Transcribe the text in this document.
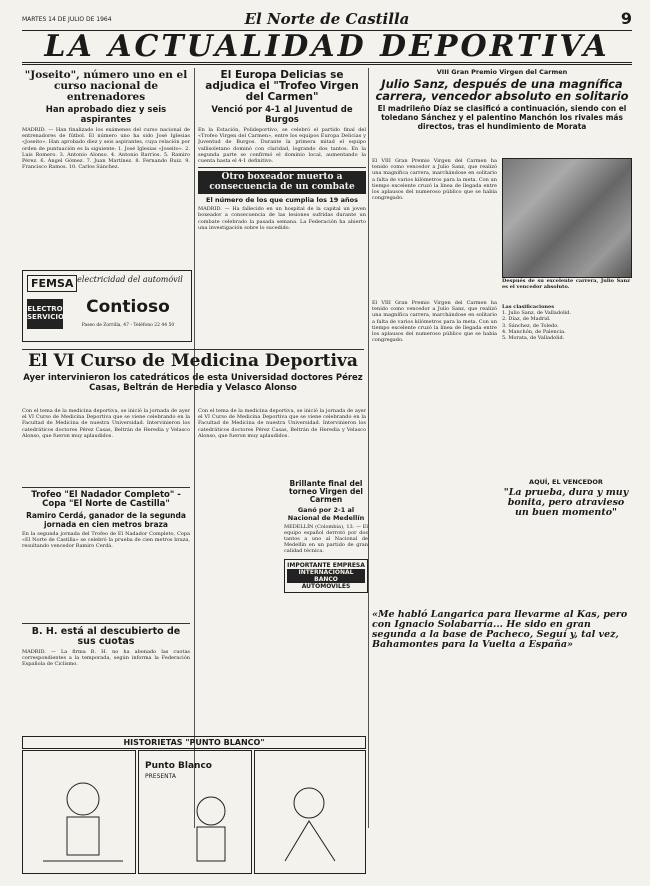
MARTES 14 DE JULIO DE 1964	El Norte de Castilla	9
LA ACTUALIDAD DEPORTIVA
"Joseito", número uno en el curso nacional de entrenadores
Han aprobado diez y seis aspirantes

MADRID. — Han finalizado los exámenes del curso nacional de entrenadores de fútbol. El número uno ha sido José Iglesias «Joseito». Han aprobado diez y seis aspirantes, cuya relación por orden de puntuación es la siguiente: 1. José Iglesias «Joseito». 2. Luis Romero. 3. Antonio Alonso. 4. Antonio Barrios. 5. Ramiro Pérez. 6. Ángel Gómez. 7. Juan Martínez. 8. Fernando Ruiz. 9. Francisco Ramos. 10. Carlos Sánchez.

FEMSA electricidad del automóvil
ELECTRO SERVICIO	Contioso
Paseo de Zorrilla, 47 - Teléfono 22 44 50
El VI Curso de Medicina Deportiva
Ayer intervinieron los catedráticos de esta Universidad doctores Pérez Casas, Beltrán de Heredia y Velasco Alonso

Con el tema de la medicina deportiva, se inició la jornada de ayer el VI Curso de Medicina Deportiva que se viene celebrando en la Facultad de Medicina de nuestra Universidad. Intervinieron los catedráticos doctores Pérez Casas, Beltrán de Heredia y Velasco Alonso, que fueron muy aplaudidos.

Trofeo "El Nadador Completo" - Copa "El Norte de Castilla"
Ramiro Cerdá, ganador de la segunda jornada en cien metros braza

En la segunda jornada del Trofeo de El Nadador Completo, Copa «El Norte de Castilla» se celebró la prueba de cien metros braza, resultando vencedor Ramiro Cerdá.

B. H. está al descubierto de sus cuotas

MADRID. — La firma B. H. no ha abonado las cuotas correspondientes a la temporada, según informa la Federación Española de Ciclismo.

El Europa Delicias se adjudica el "Trofeo Virgen del Carmen"
Venció por 4-1 al Juventud de Burgos

En la Estación, Polideportivo, se celebró el partido final del «Trofeo Virgen del Carmen», entre los equipos Europa Delicias y Juventud de Burgos. Durante la primera mitad el equipo vallisoletano dominó con claridad, logrando dos tantos. En la segunda parte se confirmó el dominio local, aumentando la cuenta hasta el 4-1 definitivo.

Otro boxeador muerto a consecuencia de un combate
El número de los que cumplia los 19 años

MADRID. — Ha fallecido en un hospital de la capital un joven boxeador a consecuencia de las lesiones sufridas durante un combate celebrado la pasada semana. La Federación ha abierto una investigación sobre lo sucedido.

Con el tema de la medicina deportiva, se inició la jornada de ayer el VI Curso de Medicina Deportiva que se viene celebrando en la Facultad de Medicina de nuestra Universidad. Intervinieron los catedráticos doctores Pérez Casas, Beltrán de Heredia y Velasco Alonso, que fueron muy aplaudidos.

Brillante final del torneo Virgen del Carmen
Ganó por 2-1 al Nacional de Medellín

MEDELLÍN (Colombia), 13. — El equipo español derrotó por dos tantos a uno al Nacional de Medellín en un partido de gran calidad técnica.

IMPORTANTE EMPRESA
INTERNACIONAL BANCO
AUTOMOVILES
VIII Gran Premio Virgen del Carmen
Julio Sanz, después de una magnífica carrera, vencedor absoluto en solitario
El madrileño Díaz se clasificó a continuación, siendo con el toledano Sánchez y el palentino Manchón los rivales más directos, tras el hundimiento de Morata

El VIII Gran Premio Virgen del Carmen ha tenido como vencedor a Julio Sanz, que realizó una magnífica carrera, marchándose en solitario a falta de varios kilómetros para la meta. Con un tiempo excelente cruzó la línea de llegada entre los aplausos del numeroso público que se había congregado.

Después de su excelente carrera, Julio Sanz es el vencedor absoluto.

El VIII Gran Premio Virgen del Carmen ha tenido como vencedor a Julio Sanz, que realizó una magnífica carrera, marchándose en solitario a falta de varios kilómetros para la meta. Con un tiempo excelente cruzó la línea de llegada entre los aplausos del numeroso público que se había congregado.

Las clasificaciones

1. Julio Sanz, de Valladolid.

2. Díaz, de Madrid.

3. Sánchez, de Toledo.

4. Manchón, de Palencia.

5. Morata, de Valladolid.

AQUÍ, EL VENCEDOR
"La prueba, dura y muy bonita, pero atravieso un buen momento"
«Me habló Langarica para llevarme al Kas, pero con Ignacio Solabarría... He sido en gran segunda a la base de Pacheco, Seguí y, tal vez, Bahamontes para la Vuelta a España»
HISTORIETAS "PUNTO BLANCO"
Punto Blanco
PRESENTA
